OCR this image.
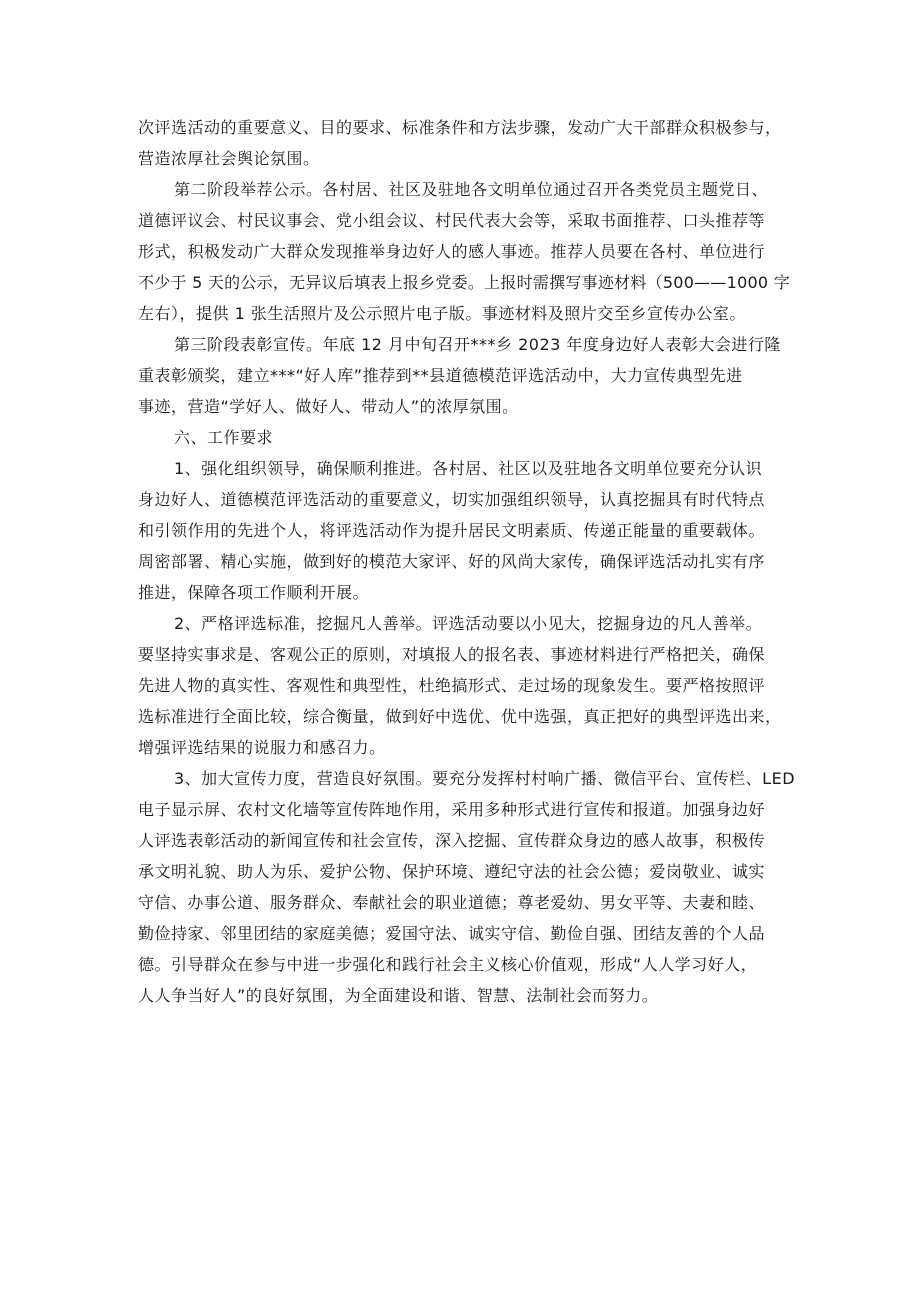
次评选活动的重要意义、目的要求、标准条件和方法步骤，发动广大干部群众积极参与，
营造浓厚社会舆论氛围。
第二阶段举荐公示。各村居、社区及驻地各文明单位通过召开各类党员主题党日、
道德评议会、村民议事会、党小组会议、村民代表大会等，采取书面推荐、口头推荐等
形式，积极发动广大群众发现推举身边好人的感人事迹。推荐人员要在各村、单位进行
不少于 5 天的公示，无异议后填表上报乡党委。上报时需撰写事迹材料（500——1000 字
左右），提供 1 张生活照片及公示照片电子版。事迹材料及照片交至乡宣传办公室。
第三阶段表彰宣传。年底 12 月中旬召开***乡 2023 年度身边好人表彰大会进行隆
重表彰颁奖，建立***“好人库”推荐到**县道德模范评选活动中，大力宣传典型先进
事迹，营造“学好人、做好人、带动人”的浓厚氛围。
六、工作要求
1、强化组织领导，确保顺利推进。各村居、社区以及驻地各文明单位要充分认识
身边好人、道德模范评选活动的重要意义，切实加强组织领导，认真挖掘具有时代特点
和引领作用的先进个人，将评选活动作为提升居民文明素质、传递正能量的重要载体。
周密部署、精心实施，做到好的模范大家评、好的风尚大家传，确保评选活动扎实有序
推进，保障各项工作顺利开展。
2、严格评选标准，挖掘凡人善举。评选活动要以小见大，挖掘身边的凡人善举。
要坚持实事求是、客观公正的原则，对填报人的报名表、事迹材料进行严格把关，确保
先进人物的真实性、客观性和典型性，杜绝搞形式、走过场的现象发生。要严格按照评
选标准进行全面比较，综合衡量，做到好中选优、优中选强，真正把好的典型评选出来，
增强评选结果的说服力和感召力。
3、加大宣传力度，营造良好氛围。要充分发挥村村响广播、微信平台、宣传栏、LED
电子显示屏、农村文化墙等宣传阵地作用，采用多种形式进行宣传和报道。加强身边好
人评选表彰活动的新闻宣传和社会宣传，深入挖掘、宣传群众身边的感人故事，积极传
承文明礼貌、助人为乐、爱护公物、保护环境、遵纪守法的社会公德；爱岗敬业、诚实
守信、办事公道、服务群众、奉献社会的职业道德；尊老爱幼、男女平等、夫妻和睦、
勤俭持家、邻里团结的家庭美德；爱国守法、诚实守信、勤俭自强、团结友善的个人品
德。引导群众在参与中进一步强化和践行社会主义核心价值观，形成“人人学习好人，
人人争当好人”的良好氛围，为全面建设和谐、智慧、法制社会而努力。
